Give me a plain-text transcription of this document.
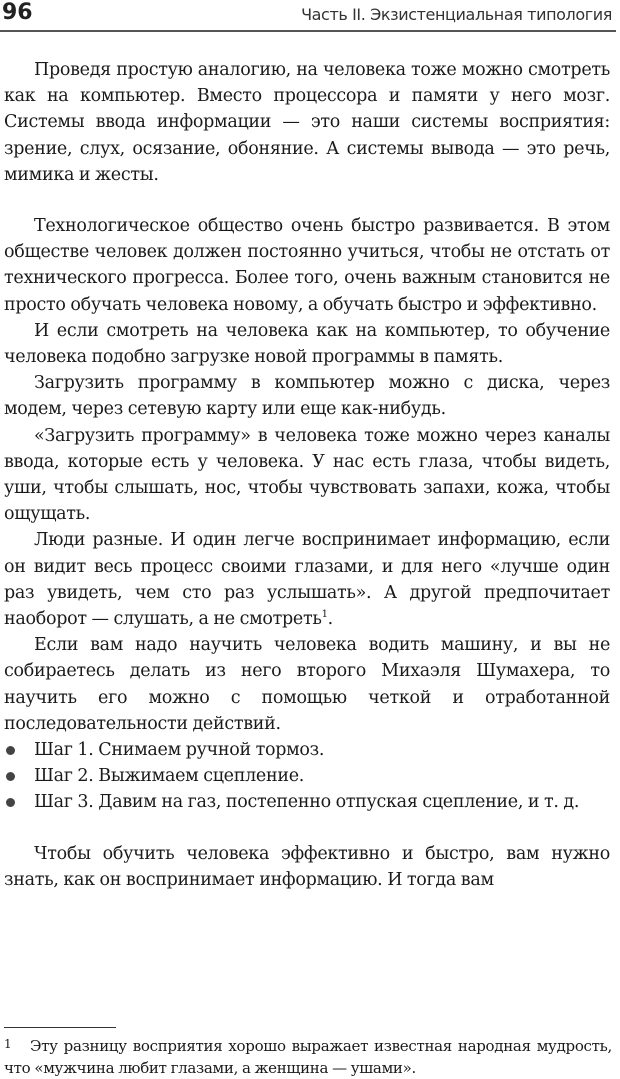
96	Часть II. Экзистенциальная типология

Проведя простую аналогию, на человека тоже можно смотреть как на компьютер. Вместо процессора и памяти у него мозг. Системы ввода информации — это наши системы восприятия: зрение, слух, осязание, обоняние. А системы вывода — это речь, мимика и жесты.

Технологическое общество очень быстро развивается. В этом обществе человек должен постоянно учиться, чтобы не отстать от технического прогресса. Более того, очень важным становится не просто обучать человека новому, а обучать быстро и эффективно.

И если смотреть на человека как на компьютер, то обучение человека подобно загрузке новой программы в память.

Загрузить программу в компьютер можно с диска, через модем, через сетевую карту или еще как-нибудь.

«Загрузить программу» в человека тоже можно через каналы ввода, которые есть у человека. У нас есть глаза, чтобы видеть, уши, чтобы слышать, нос, чтобы чувствовать запахи, кожа, чтобы ощущать.

Люди разные. И один легче воспринимает информацию, если он видит весь процесс своими глазами, и для него «лучше один раз увидеть, чем сто раз услышать». А другой предпочитает наоборот — слушать, а не смотреть$^1$.

Если вам надо научить человека водить машину, и вы не собираетесь делать из него второго Михаэля Шумахера, то научить его можно с помощью четкой и отработанной последовательности действий.

Шаг 1. Снимаем ручной тормоз.
Шаг 2. Выжимаем сцепление.
Шаг 3. Давим на газ, постепенно отпуская сцепление, и т. д.

Чтобы обучить человека эффективно и быстро, вам нужно знать, как он воспринимает информацию. И тогда вам

1 Эту разницу восприятия хорошо выражает известная народная мудрость, что «мужчина любит глазами, а женщина — ушами».
